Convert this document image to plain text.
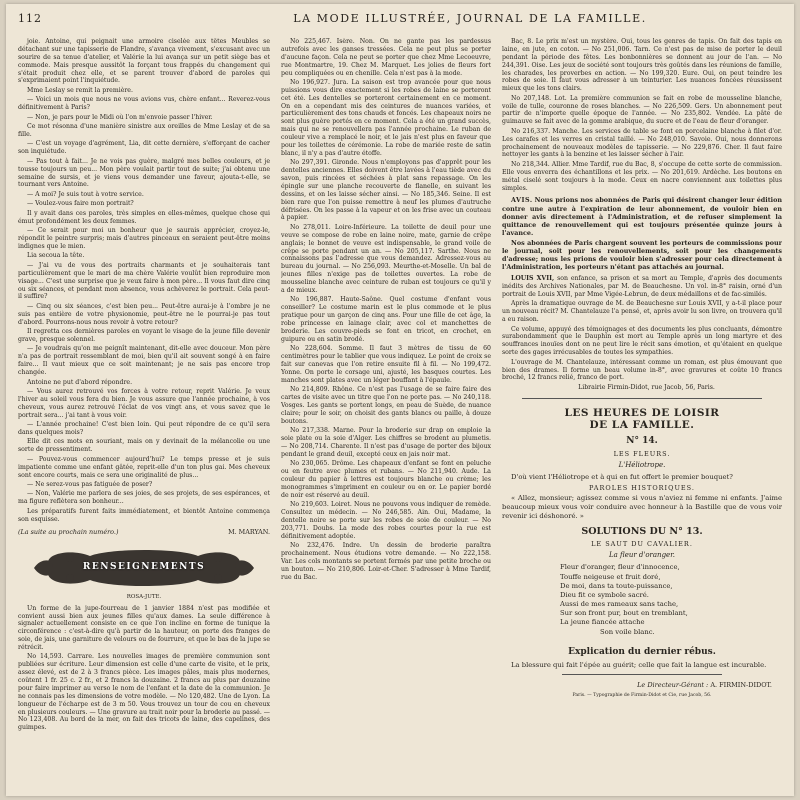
112	LA MODE ILLUSTRÉE, JOURNAL DE LA FAMILLE.

joie. Antoine, qui peignait une armoire ciselée aux têtes Meubles se détachant sur une tapisserie de Flandre, s'avança vivement, s'excusant avec un sourire de sa tenue d'atelier, et Valérie la lui avança sur un petit siège bas et commode. Mais presque aussitôt la forçant tous frappés du changement qui s'était produit chez elle, et se parent trouver d'abord de paroles qui s'exprimaient point l'inquiétude.

Mme Leslay se remit la première.

— Voici un mois que nous ne vous avions vus, chère enfant... Reverez-vous définitivement à Paris?

— Non, je pars pour le Midi où l'on m'envoie passer l'hiver.

Ce mot résonna d'une manière sinistre aux oreilles de Mme Leslay et de sa fille.

— C'est un voyage d'agrément, Lia, dit cette dernière, s'efforçant de cacher son inquiétude.

— Pas tout à fait... Je ne vois pas guère, malgré mes belles couleurs, et je tousse toujours un peu... Mon père voulait partir tout de suite; j'ai obtenu une semaine de sursis, et je viens vous demander une faveur, ajouta-t-elle, se tournant vers Antoine.

— A moi? Je suis tout à votre service.

— Voulez-vous faire mon portrait?

Il y avait dans ces paroles, très simples en elles-mêmes, quelque chose qui émut profondément les deux femmes.

— Ce serait pour moi un bonheur que je saurais apprécier, croyez-le, répondit le peintre surpris; mais d'autres pinceaux en seraient peut-être moins indignes que le mien.

Lia secoua la tête.

— J'ai vu de vous des portraits charmants et je souhaiterais tant particulièrement que le mari de ma chère Valérie voulût bien reproduire mon visage... C'est une surprise que je veux faire à mon père... Il vous faut dire cinq ou six séances, et pendant mon absence, vous achèverez le portrait. Cela peut-il suffire?

— Cinq ou six séances, c'est bien peu... Peut-être aurai-je à l'ombre je ne suis pas entière de votre physionomie, peut-être ne le pourrai-je pas tout d'abord. Pourrons-nous nous revoir à votre retour?

Il regretta ces dernières paroles en voyant le visage de la jeune fille devenir grave, presque solennel.

— Je voudrais qu'on me peignît maintenant, dit-elle avec douceur. Mon père n'a pas de portrait ressemblant de moi, bien qu'il ait souvent songé à en faire faire... Il vaut mieux que ce soit maintenant; je ne sais pas encore trop changée.

Antoine ne put d'abord répondre.

— Vous aurez retrouvé vos forces à votre retour, reprit Valérie. Je veux l'hiver au soleil vous fera du bien. Je vous assure que l'année prochaine, à vos cheveux, vous aurez retrouvé l'éclat de vos vingt ans, et vous savez que le portrait sera... j'ai tant à vous voir.

— L'année prochaine! C'est bien loin. Qui peut répondre de ce qu'il sera dans quelques mois?

Elle dit ces mots en souriant, mais on y devinait de la mélancolie ou une sorte de pressentiment.

— Pouvez-vous commencer aujourd'hui? Le temps presse et je suis impatiente comme une enfant gâtée, reprit-elle d'un ton plus gai. Mes cheveux sont encore courts, mais ce sera une originalité de plus...

— Ne serez-vous pas fatiguée de poser?

— Non, Valérie me parlera de ses joies, de ses projets, de ses espérances, et ma figure reflètera son bonheur...

Les préparatifs furent faits immédiatement, et bientôt Antoine commença son esquisse.

(La suite au prochain numéro.)	M. MARYAN.
RENSEIGNEMENTS
ROSA-JUTE.

Un forme de la jupe-fourreau de 1 janvier 1884 n'est pas modifiée et convient aussi bien aux jeunes filles qu'aux dames. La seule différence à signaler actuellement consiste en ce que l'on incline en forme de tunique la circonférence : c'est-à-dire qu'à partir de la hauteur, on porte des franges de soie, de jais, une garniture de velours ou de fourrure, et que le bas de la jupe se rétrécit.

No 14,593. Carrare. Les nouvelles images de première communion sont publiées sur écriture. Leur dimension est celle d'une carte de visite, et le prix, assez élevé, est de 2 à 3 francs pièce. Les images pâles, mais plus modernes, coûtent 1 fr. 25 c. 2 fr., et 2 francs la douzaine. 2 francs au plus par douzaine pour faire imprimer au verso le nom de l'enfant et la date de la communion. Je ne connais pas les dimensions de votre modèle. — No 120,482. Une de Lyon. La longueur de l'écharpe est de 3 m 50. Vous trouvez un tour de cou en cheveux en plusieurs couleurs. — Une gravure au trait noir pour la broderie au passé. — No 123,408. Au bord de la mer, on fait des tricots de laine, des capelines, des guimpes.

No 225,467. Isère. Non. On ne gante pas les pardessus autrefois avec les ganses tressées. Cela ne peut plus se porter d'aucune façon. Cela ne peut se porter que chez Mme Lecoeuvre, rue Montmartre, 19. Chez M. Marquet. Les jolies de fleurs fort peu compliquées ou en chenille. Cela n'est pas à la mode.

No 196,927. Jura. La saison est trop avancée pour que nous puissions vous dire exactement si les robes de laine se porteront cet été. Les dentelles se porteront certainement en ce moment. On en a cependant mis des ceintures de nuances variées, et particulièrement des tons chauds et foncés. Les chapeaux noirs ne sont plus guère portés en ce moment. Cela a été un grand succès, mais qui ne se renouvellera pas l'année prochaine. Le ruban de couleur vive a remplacé le noir, et le jais n'est plus en faveur que pour les toilettes de cérémonie. La robe de mariée reste de satin blanc, il n'y a pas d'autre étoffe.

No 297,391. Gironde. Nous n'employons pas d'apprêt pour les dentelles anciennes. Elles doivent être lavées à l'eau tiède avec du savon, puis rincées et séchées à plat sans repassage. On les épingle sur une planche recouverte de flanelle, en suivant les dessins, et on les laisse sécher ainsi. — No 185,346. Seine. Il est bien rare que l'on puisse remettre à neuf les plumes d'autruche défrisées. On les passe à la vapeur et on les frise avec un couteau à papier.

No 278,011. Loire-Inférieure. La toilette de deuil pour une veuve se compose de robe en laine noire, mate, garnie de crêpe anglais; le bonnet de veuve est indispensable, le grand voile de crêpe se porte pendant un an. — No 205,117. Sarthe. Nous ne connaissons pas l'adresse que vous demandez. Adressez-vous au bureau du journal. — No 256,093. Meurthe-et-Moselle. Un bal de jeunes filles n'exige pas de toilettes ouvertes. La robe de mousseline blanche avec ceinture de ruban est toujours ce qu'il y a de mieux.

No 196,887. Haute-Saône. Quel costume d'enfant vous conseiller? Le costume marin est le plus commode et le plus pratique pour un garçon de cinq ans. Pour une fille de cet âge, la robe princesse en lainage clair, avec col et manchettes de broderie. Les couvre-pieds se font en tricot, en crochet, en guipure ou en satin brodé.

No 228,604. Somme. Il faut 3 mètres de tissu de 60 centimètres pour le tablier que vous indiquez. Le point de croix se fait sur canevas que l'on retire ensuite fil à fil. — No 199,472. Yonne. On porte le corsage uni, ajusté, les basques courtes. Les manches sont plates avec un léger bouffant à l'épaule.

No 214,809. Rhône. Ce n'est pas l'usage de se faire faire des cartes de visite avec un titre que l'on ne porte pas. — No 240,118. Vosges. Les gants se portent longs, en peau de Suède, de nuance claire; pour le soir, on choisit des gants blancs ou paille, à douze boutons.

No 217,338. Marne. Pour la broderie sur drap on emploie la soie plate ou la soie d'Alger. Les chiffres se brodent au plumetis. — No 208,714. Charente. Il n'est pas d'usage de porter des bijoux pendant le grand deuil, excepté ceux en jais noir mat.

No 230,065. Drôme. Les chapeaux d'enfant se font en peluche ou en feutre avec plumes et rubans. — No 211,940. Aude. La couleur du papier à lettres est toujours blanche ou crème; les monogrammes s'impriment en couleur ou en or. Le papier bordé de noir est réservé au deuil.

No 219,603. Loiret. Nous ne pouvons vous indiquer de remède. Consultez un médecin. — No 246,585. Ain. Oui, Madame, la dentelle noire se porte sur les robes de soie de couleur. — No 203,771. Doubs. La mode des robes courtes pour la rue est définitivement adoptée.

No 232,476. Indre. Un dessin de broderie paraîtra prochainement. Nous étudions votre demande. — No 222,158. Var. Les cols montants se portent fermés par une petite broche ou un bouton. — No 210,806. Loir-et-Cher. S'adresser à Mme Tardif, rue du Bac.

Bac, 8. Le prix m'est un mystère. Oui, tous les genres de tapis. On fait des tapis en laine, en jute, en coton. — No 251,006. Tarn. Ce n'est pas de mise de porter le deuil pendant la période des fêtes. Les bonbonnières se donnent au jour de l'an. — No 244,391. Oise. Les jeux de société sont toujours très goûtés dans les réunions de famille, les charades, les proverbes en action. — No 199,320. Eure. Oui, on peut teindre les robes de soie. Il faut vous adresser à un teinturier. Les nuances foncées réussissent mieux que les tons clairs.

No 207,148. Lot. La première communion se fait en robe de mousseline blanche, voile de tulle, couronne de roses blanches. — No 226,509. Gers. Un abonnement peut partir de n'importe quelle époque de l'année. — No 235,802. Vendée. La pâte de guimauve se fait avec de la gomme arabique, du sucre et de l'eau de fleur d'oranger.

No 216,337. Manche. Les services de table se font en porcelaine blanche à filet d'or. Les carafes et les verres en cristal taillé. — No 248,010. Savoie. Oui, nous donnerons prochainement de nouveaux modèles de tapisserie. — No 229,876. Cher. Il faut faire nettoyer les gants à la benzine et les laisser sécher à l'air.

No 218,344. Allier. Mme Tardif, rue du Bac, 8, s'occupe de cette sorte de commission. Elle vous enverra des échantillons et les prix. — No 201,619. Ardèche. Les boutons en métal ciselé sont toujours à la mode. Ceux en nacre conviennent aux toilettes plus simples.

AVIS. Nous prions nos abonnées de Paris qui désirent changer leur édition contre une autre à l'expiration de leur abonnement, de vouloir bien en donner avis directement à l'Administration, et de refuser simplement la quittance de renouvellement qui est toujours présentée quinze jours à l'avance.

Nos abonnées de Paris chargent souvent les porteurs de commissions pour le journal, soit pour les renouvellements, soit pour les changements d'adresse; nous les prions de vouloir bien s'adresser pour cela directement à l'Administration, les porteurs n'étant pas attachés au journal.

LOUIS XVII, son enfance, sa prison et sa mort au Temple, d'après des documents inédits des Archives Nationales, par M. de Beauchesne. Un vol. in-8° raisin, orné d'un portrait de Louis XVII, par Mme Vigée-Lebrun, de deux médaillons et de fac-similés.

Après la dramatique ouvrage de M. de Beauchesne sur Louis XVII, y a-t-il place pour un nouveau récit? M. Chantelauze l'a pensé, et, après avoir lu son livre, on trouvera qu'il a eu raison.

Ce volume, appuyé des témoignages et des documents les plus concluants, démontre surabondamment que le Dauphin est mort au Temple après un long martyre et des souffrances inouïes dont on ne peut lire le récit sans émotion, et qu'étaient en quelque sorte des gages irrécusables de toutes les sympathies.

L'ouvrage de M. Chantelauze, intéressant comme un roman, est plus émouvant que bien des drames. Il forme un beau volume in-8°, avec gravures et coûte 10 francs broché, 12 francs relié, franco de port.

Librairie Firmin-Didot, rue Jacob, 56, Paris.

LES HEURES DE LOISIR
DE LA FAMILLE.
N° 14.
LES FLEURS.
L'Héliotrope.

D'où vient l'Héliotrope et à qui en fut offert le premier bouquet?

PAROLES HISTORIQUES.

« Allez, monsieur; agissez comme si vous n'aviez ni femme ni enfants. J'aime beaucoup mieux vous voir conduire avec honneur à la Bastille que de vous voir revenir ici déshonoré. »

SOLUTIONS DU N° 13.
LE SAUT DU CAVALIER.
La fleur d'oranger.
Fleur d'oranger, fleur d'innocence,
Touffe neigeuse et fruit doré,
De moi, dans ta toute-puissance,
Dieu fit ce symbole sacré.
Aussi de mes rameaux sans tache,
Sur son front pur, bout en tremblant,
La jeune fiancée attache
Son voile blanc.
Explication du dernier rébus.

La blessure qui fait l'épée au guérit; celle que fait la langue est incurable.

Le Directeur-Gérant : A. FIRMIN-DIDOT.
Paris. — Typographie de Firmin-Didot et Cie, rue Jacob, 56.
